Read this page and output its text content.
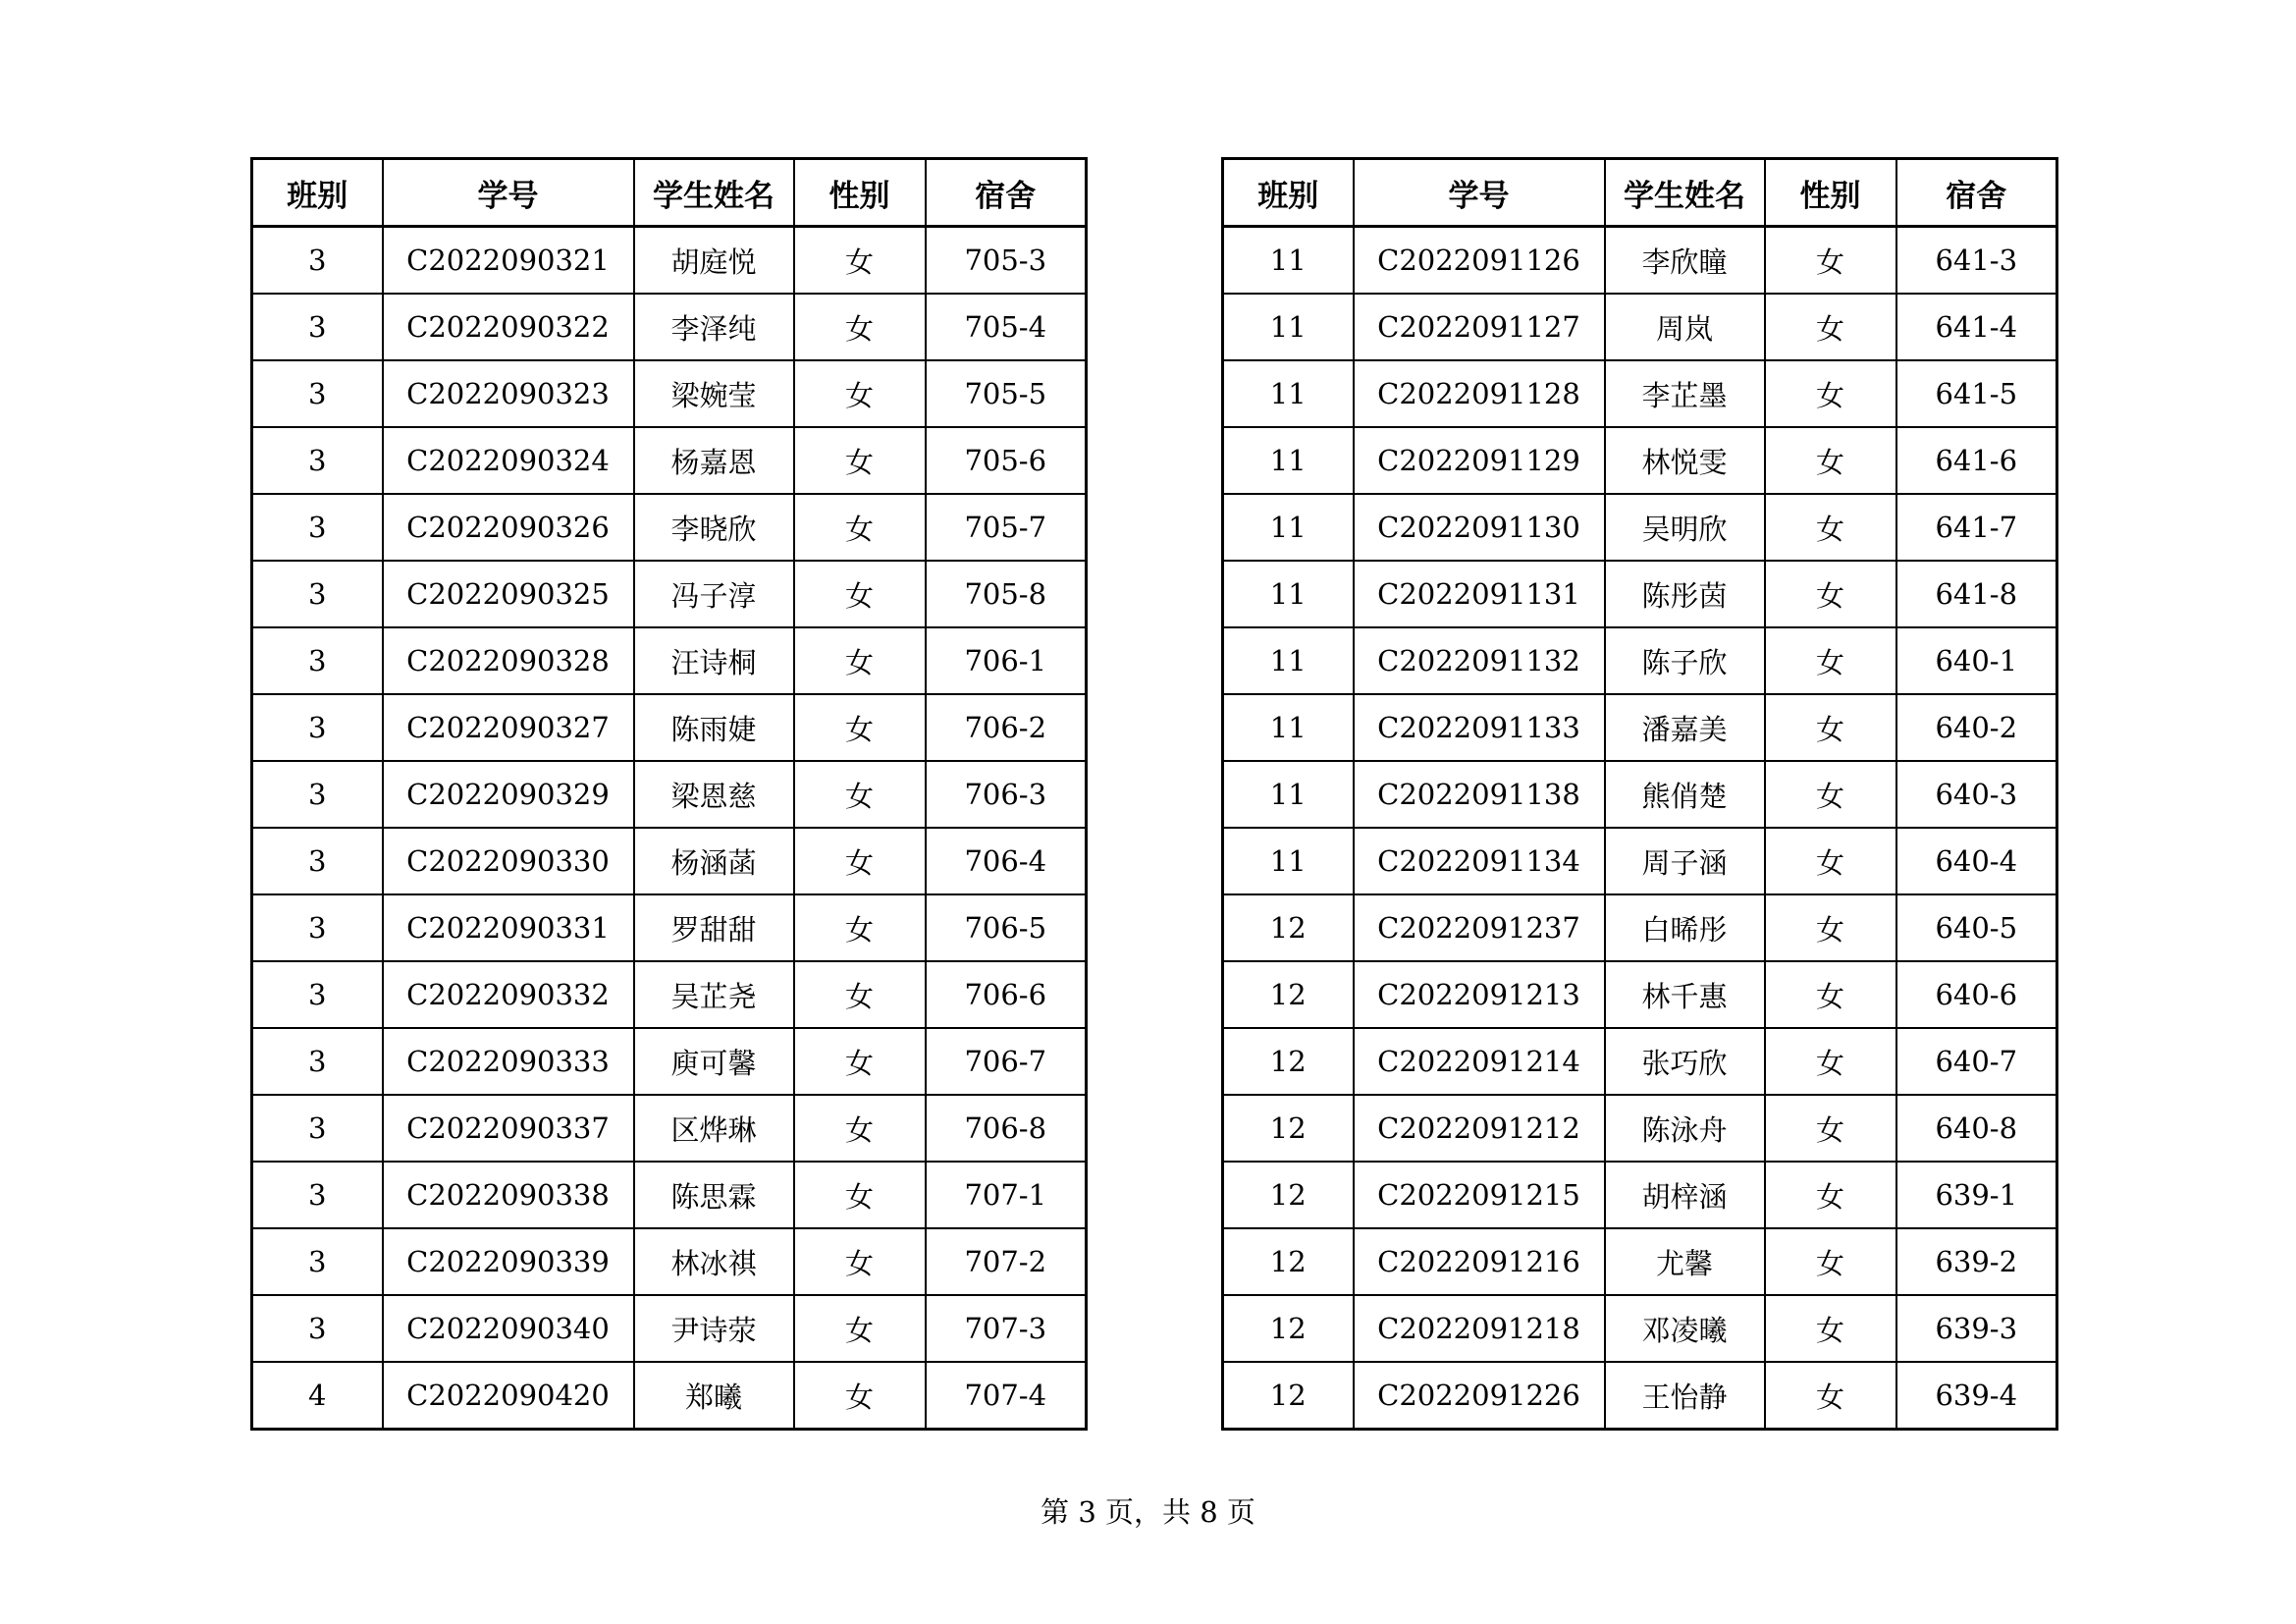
班别	学号	学生姓名	性别	宿舍
3	C2022090321	胡庭悦	女	705-3
3	C2022090322	李泽纯	女	705-4
3	C2022090323	梁婉莹	女	705-5
3	C2022090324	杨嘉恩	女	705-6
3	C2022090326	李晓欣	女	705-7
3	C2022090325	冯子淳	女	705-8
3	C2022090328	汪诗桐	女	706-1
3	C2022090327	陈雨婕	女	706-2
3	C2022090329	梁恩慈	女	706-3
3	C2022090330	杨涵菡	女	706-4
3	C2022090331	罗甜甜	女	706-5
3	C2022090332	吴芷尧	女	706-6
3	C2022090333	庾可馨	女	706-7
3	C2022090337	区烨琳	女	706-8
3	C2022090338	陈思霖	女	707-1
3	C2022090339	林冰祺	女	707-2
3	C2022090340	尹诗荥	女	707-3
4	C2022090420	郑曦	女	707-4
班别	学号	学生姓名	性别	宿舍
11	C2022091126	李欣瞳	女	641-3
11	C2022091127	周岚	女	641-4
11	C2022091128	李芷墨	女	641-5
11	C2022091129	林悦雯	女	641-6
11	C2022091130	吴明欣	女	641-7
11	C2022091131	陈彤茵	女	641-8
11	C2022091132	陈子欣	女	640-1
11	C2022091133	潘嘉美	女	640-2
11	C2022091138	熊俏楚	女	640-3
11	C2022091134	周子涵	女	640-4
12	C2022091237	白晞彤	女	640-5
12	C2022091213	林千惠	女	640-6
12	C2022091214	张巧欣	女	640-7
12	C2022091212	陈泳舟	女	640-8
12	C2022091215	胡梓涵	女	639-1
12	C2022091216	尤馨	女	639-2
12	C2022091218	邓凌曦	女	639-3
12	C2022091226	王怡静	女	639-4
第 3 页，共 8 页
